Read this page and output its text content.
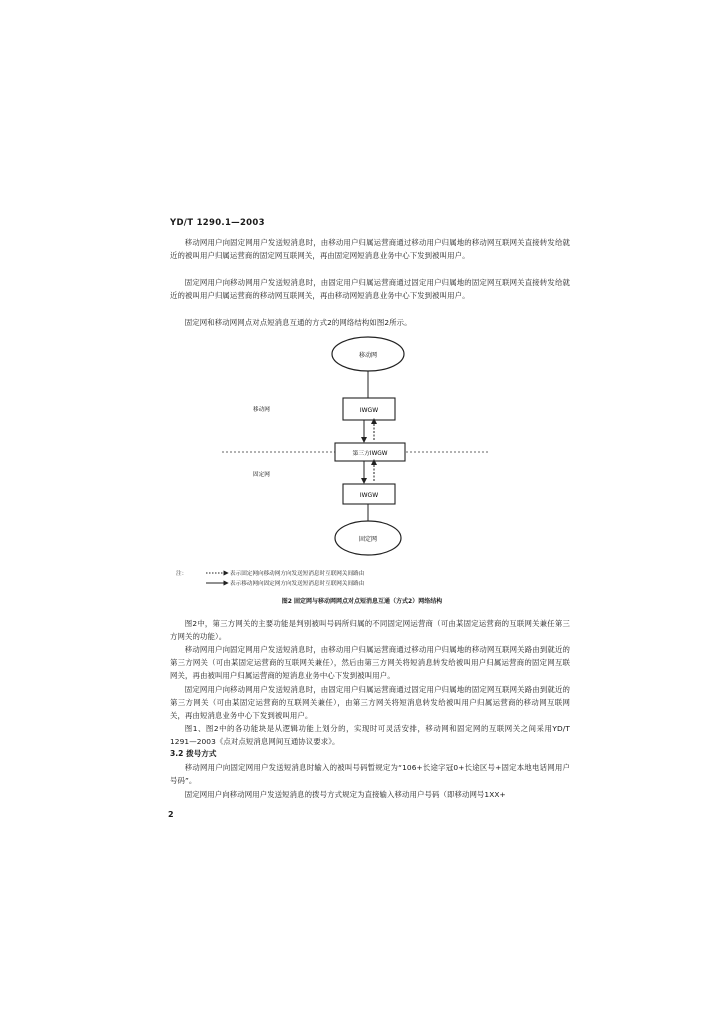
YD/T 1290.1—2003
移动网用户向固定网用户发送短消息时，由移动用户归属运营商通过移动用户归属地的移动网互联网关直接转发给就近的被叫用户归属运营商的固定网互联网关，再由固定网短消息业务中心下发到被叫用户。
固定网用户向移动网用户发送短消息时，由固定用户归属运营商通过固定用户归属地的固定网互联网关直接转发给就近的被叫用户归属运营商的移动网互联网关，再由移动网短消息业务中心下发到被叫用户。
固定网和移动网网点对点短消息互通的方式2的网络结构如图2所示。
移动网
IWGW
移动网
固定网
第三方IWGW
IWGW
固定网
注：	表示固定网向移动网方向发送短消息时互联网关间路由
表示移动网向固定网方向发送短消息时互联网关间路由
图2 固定网与移动网网点对点短消息互通（方式2）网络结构
图2中，第三方网关的主要功能是判别被叫号码所归属的不同固定网运营商（可由某固定运营商的互联网关兼任第三方网关的功能）。
移动网用户向固定网用户发送短消息时，由移动用户归属运营商通过移动用户归属地的移动网互联网关路由到就近的第三方网关（可由某固定运营商的互联网关兼任），然后由第三方网关将短消息转发给被叫用户归属运营商的固定网互联网关，再由被叫用户归属运营商的短消息业务中心下发到被叫用户。
固定网用户向移动网用户发送短消息时，由固定用户归属运营商通过固定用户归属地的固定网互联网关路由到就近的第三方网关（可由某固定运营商的互联网关兼任），由第三方网关将短消息转发给被叫用户归属运营商的移动网互联网关，再由短消息业务中心下发到被叫用户。
图1、图2中的各功能块是从逻辑功能上划分的，实现时可灵活安排，移动网和固定网的互联网关之间采用YD/T 1291—2003《点对点短消息网间互通协议要求》。
3.2 拨号方式
移动网用户向固定网用户发送短消息时输入的被叫号码暂规定为“106+长途字冠0+长途区号+固定本地电话网用户号码”。
固定网用户向移动网用户发送短消息的拨号方式规定为直接输入移动用户号码（即移动网号1XX+
2
